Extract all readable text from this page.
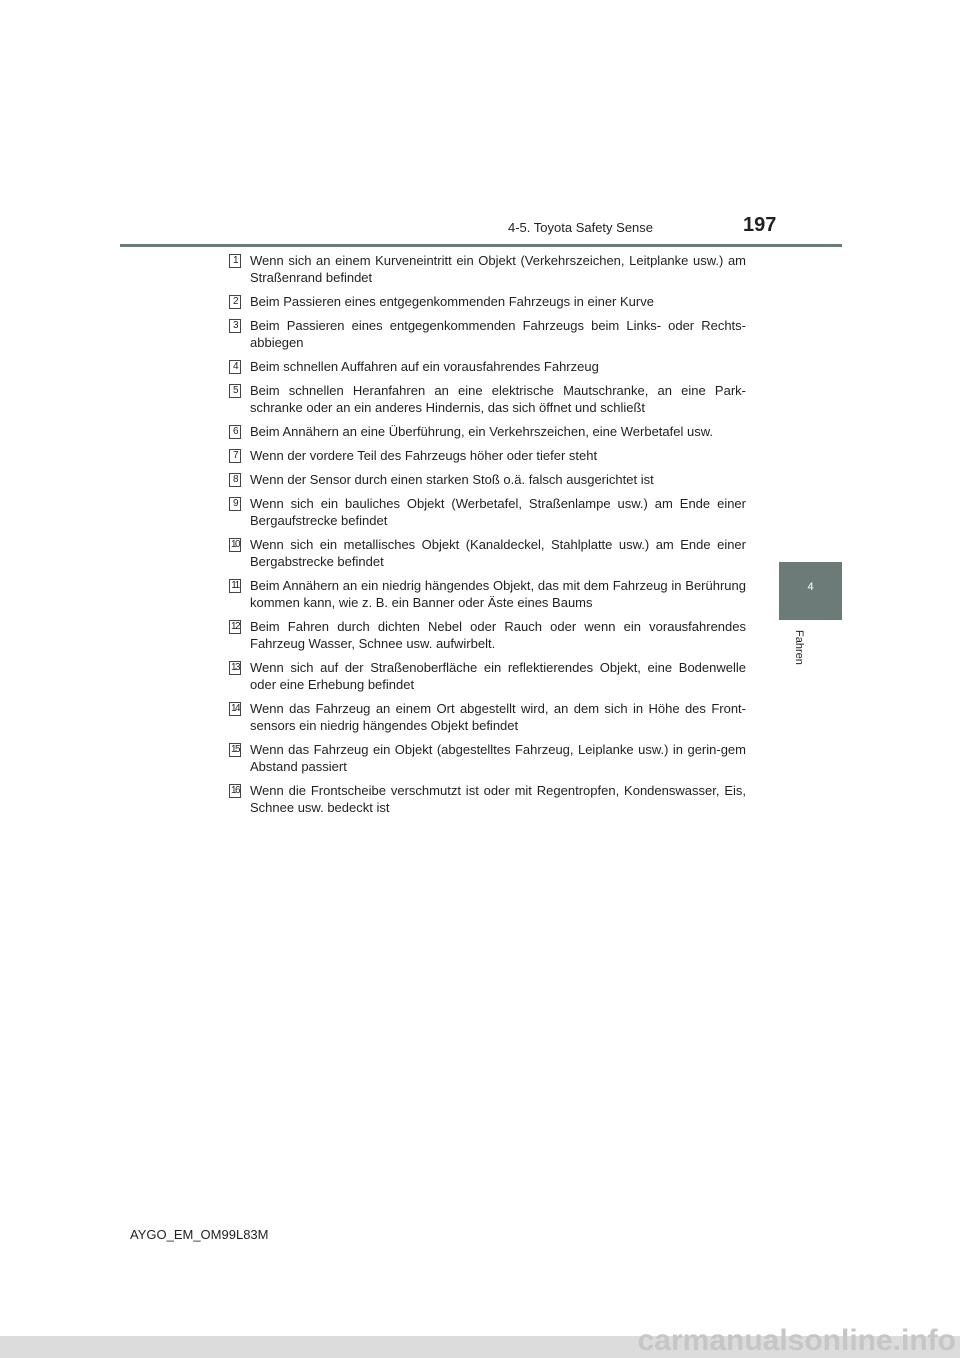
4-5. Toyota Safety Sense	197
4
Fahren
1 Wenn sich an einem Kurveneintritt ein Objekt (Verkehrszeichen, Leitplanke usw.) am Straßenrand befindet
2 Beim Passieren eines entgegenkommenden Fahrzeugs in einer Kurve
3 Beim Passieren eines entgegenkommenden Fahrzeugs beim Links- oder Rechts-abbiegen
4 Beim schnellen Auffahren auf ein vorausfahrendes Fahrzeug
5 Beim schnellen Heranfahren an eine elektrische Mautschranke, an eine Park-schranke oder an ein anderes Hindernis, das sich öffnet und schließt
6 Beim Annähern an eine Überführung, ein Verkehrszeichen, eine Werbetafel usw.
7 Wenn der vordere Teil des Fahrzeugs höher oder tiefer steht
8 Wenn der Sensor durch einen starken Stoß o.ä. falsch ausgerichtet ist
9 Wenn sich ein bauliches Objekt (Werbetafel, Straßenlampe usw.) am Ende einer Bergaufstrecke befindet
10 Wenn sich ein metallisches Objekt (Kanaldeckel, Stahlplatte usw.) am Ende einer Bergabstrecke befindet
11 Beim Annähern an ein niedrig hängendes Objekt, das mit dem Fahrzeug in Berührung kommen kann, wie z. B. ein Banner oder Äste eines Baums
12 Beim Fahren durch dichten Nebel oder Rauch oder wenn ein vorausfahrendes Fahrzeug Wasser, Schnee usw. aufwirbelt.
13 Wenn sich auf der Straßenoberfläche ein reflektierendes Objekt, eine Bodenwelle oder eine Erhebung befindet
14 Wenn das Fahrzeug an einem Ort abgestellt wird, an dem sich in Höhe des Front-sensors ein niedrig hängendes Objekt befindet
15 Wenn das Fahrzeug ein Objekt (abgestelltes Fahrzeug, Leiplanke usw.) in gerin-gem Abstand passiert
16 Wenn die Frontscheibe verschmutzt ist oder mit Regentropfen, Kondenswasser, Eis, Schnee usw. bedeckt ist
AYGO_EM_OM99L83M
carmanualsonline.info
